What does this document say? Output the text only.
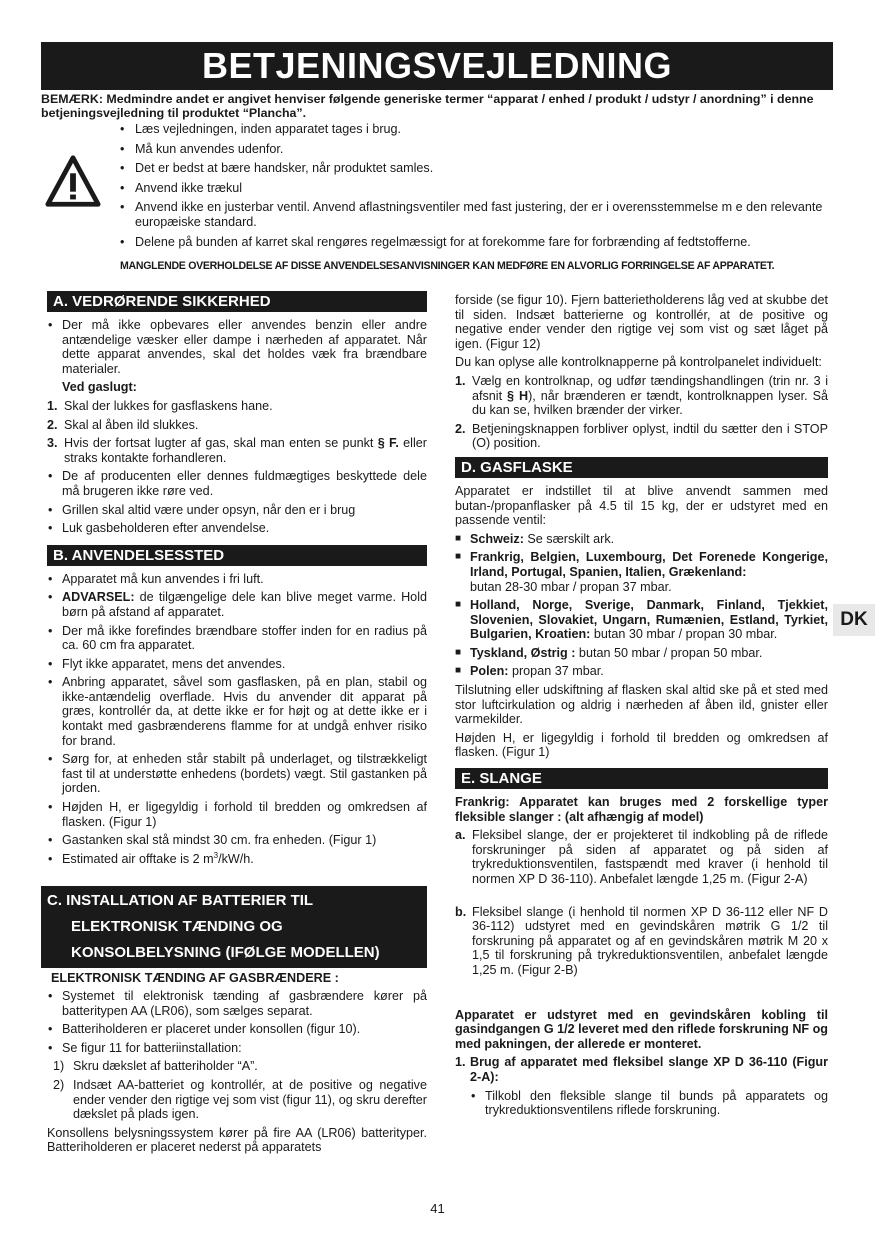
BETJENINGSVEJLEDNING
BEMÆRK: Medmindre andet er angivet henviser følgende generiske termer “apparat / enhed / produkt / udstyr / anordning” i denne betjeningsvejledning til produktet “Plancha”.
• Læs vejledningen, inden apparatet tages i brug.
• Må kun anvendes udenfor.
• Det er bedst at bære handsker, når produktet samles.
• Anvend ikke trækul
• Anvend ikke en justerbar ventil. Anvend aflastningsventiler med fast justering, der er i overensstemmelse m e den relevante europæiske standard.
• Delene på bunden af karret skal rengøres regelmæssigt for at forekomme fare for forbrænding af fedtstofferne.
MANGLENDE OVERHOLDELSE AF DISSE ANVENDELSESANVISNINGER KAN MEDFØRE EN ALVORLIG FORRINGELSE AF APPARATET.
A. VEDRØRENDE SIKKERHED
• Der må ikke opbevares eller anvendes benzin eller andre antændelige væsker eller dampe i nærheden af apparatet. Når dette apparat anvendes, skal det holdes væk fra brændbare materialer.
Ved gaslugt:
1. Skal der lukkes for gasflaskens hane.
2. Skal al åben ild slukkes.
3. Hvis der fortsat lugter af gas, skal man enten se punkt § F. eller straks kontakte forhandleren.
• De af producenten eller dennes fuldmægtiges beskyttede dele må brugeren ikke røre ved.
• Grillen skal altid være under opsyn, når den er i brug
• Luk gasbeholderen efter anvendelse.
B. ANVENDELSESSTED
• Apparatet må kun anvendes i fri luft.
• ADVARSEL: de tilgængelige dele kan blive meget varme. Hold børn på afstand af apparatet.
• Der må ikke forefindes brændbare stoffer inden for en radius på ca. 60 cm fra apparatet.
• Flyt ikke apparatet, mens det anvendes.
• Anbring apparatet, såvel som gasflasken, på en plan, stabil og ikke-antændelig overflade. Hvis du anvender dit apparat på græs, kontrollér da, at dette ikke er for højt og at dette ikke er i kontakt med gasbrænderens flamme for at undgå enhver risiko for brand.
• Sørg for, at enheden står stabilt på underlaget, og tilstrækkeligt fast til at understøtte enhedens (bordets) vægt. Stil gastanken på jorden.
• Højden H, er ligegyldig i forhold til bredden og omkredsen af flasken. (Figur 1)
• Gastanken skal stå mindst 30 cm. fra enheden. (Figur 1)
• Estimated air offtake is 2 $m^3/kW/h$.
C. INSTALLATION AF BATTERIER TIL
ELEKTRONISK TÆNDING OG
KONSOLBELYSNING (IFØLGE MODELLEN)
ELEKTRONISK TÆNDING AF GASBRÆNDERE :
• Systemet til elektronisk tænding af gasbrændere kører på batteritypen AA (LR06), som sælges separat.
• Batteriholderen er placeret under konsollen (figur 10).
• Se figur 11 for batteriinstallation:
1) Skru dækslet af batteriholder “A”.
2) Indsæt AA-batteriet og kontrollér, at de positive og negative ender vender den rigtige vej som vist (figur 11), og skru derefter dækslet på plads igen.

Konsollens belysningssystem kører på fire AA (LR06) batterityper. Batteriholderen er placeret nederst på apparatets

forside (se figur 10). Fjern batterietholderens låg ved at skubbe det til siden. Indsæt batterierne og kontrollér, at de positive og negative ender vender den rigtige vej som vist og sæt låget på igen. (Figur 12)

Du kan oplyse alle kontrolknapperne på kontrolpanelet individuelt:

1. Vælg en kontrolknap, og udfør tændingshandlingen (trin nr. 3 i afsnit § H), når brænderen er tændt, kontrolknappen lyser. Så du kan se, hvilken brænder der virker.
2. Betjeningsknappen forbliver oplyst, indtil du sætter den i STOP (O) position.
D. GASFLASKE

Apparatet er indstillet til at blive anvendt sammen med butan-/propanflasker på 4.5 til 15 kg, der er udstyret med en passende ventil:

■ Schweiz: Se særskilt ark.
■ Frankrig, Belgien, Luxembourg, Det Forenede Kongerige, Irland, Portugal, Spanien, Italien, Grækenland:
butan 28-30 mbar / propan 37 mbar.
■ Holland, Norge, Sverige, Danmark, Finland, Tjekkiet, Slovenien, Slovakiet, Ungarn, Rumænien, Estland, Tyrkiet, Bulgarien, Kroatien: butan 30 mbar / propan 30 mbar.
■ Tyskland, Østrig : butan 50 mbar / propan 50 mbar.
■ Polen: propan 37 mbar.

Tilslutning eller udskiftning af flasken skal altid ske på et sted med stor luftcirkulation og aldrig i nærheden af åben ild, gnister eller varmekilder.

Højden H, er ligegyldig i forhold til bredden og omkredsen af flasken. (Figur 1)

E. SLANGE

Frankrig: Apparatet kan bruges med 2 forskellige typer fleksible slanger : (alt afhængig af model)

a. Fleksibel slange, der er projekteret til indkobling på de riflede forskruninger på siden af apparatet og på siden af trykreduktionsventilen, fastspændt med kraver (i henhold til normen XP D 36-110). Anbefalet længde 1,25 m. (Figur 2-A)
b. Fleksibel slange (i henhold til normen XP D 36-112 eller NF D 36-112) udstyret med en gevindskåren møtrik G 1/2 til forskruning på apparatet og af en gevindskåren møtrik M 20 x 1,5 til forskruning på trykreduktionsventilen, anbefalet længde 1,25 m. (Figur 2-B)

Apparatet er udstyret med en gevindskåren kobling til gasindgangen G 1/2 leveret med den riflede forskruning NF og med pakningen, der allerede er monteret.

1. Brug af apparatet med fleksibel slange XP D 36-110 (Figur 2-A):
• Tilkobl den fleksible slange til bunds på apparatets og trykreduktionsventilens riflede forskruning.
DK
41
